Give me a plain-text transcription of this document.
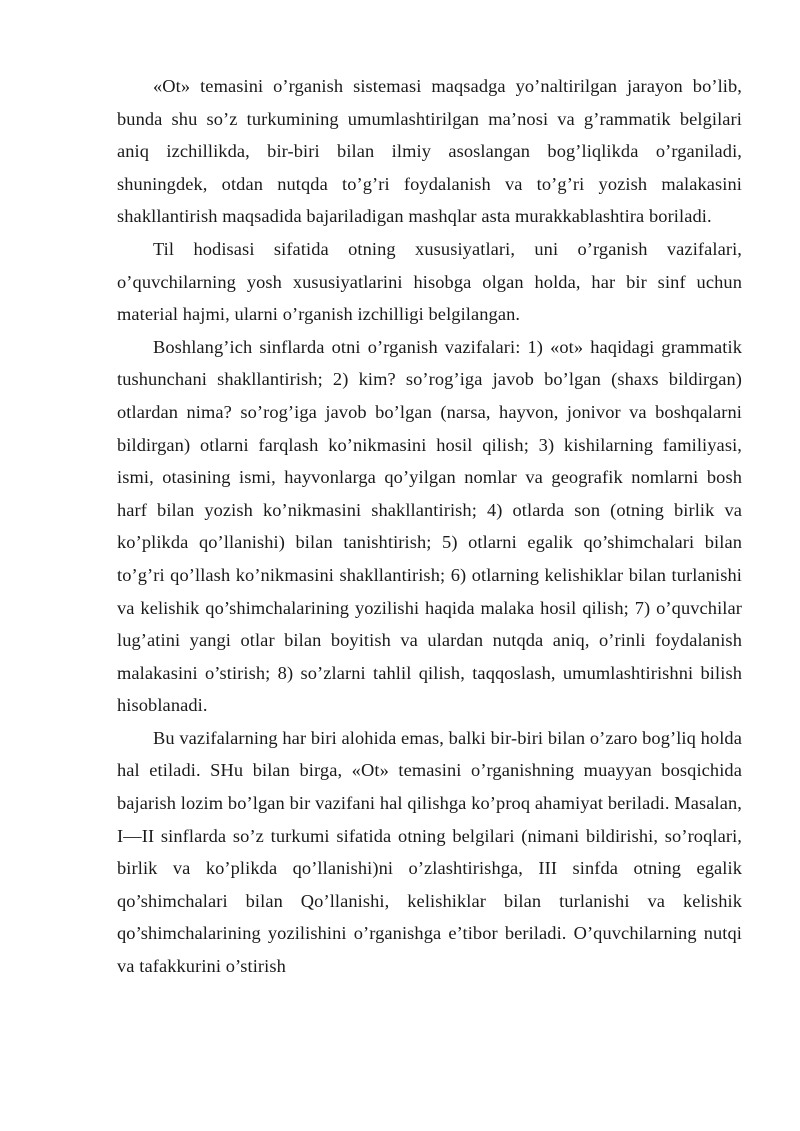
«Ot» temasini o’rganish sistemasi maqsadga yo’naltirilgan jarayon bo’lib, bunda shu so’z turkumining umumlashtirilgan ma’nosi va g’rammatik belgilari aniq izchillikda, bir-biri bilan ilmiy asoslangan bog’liqlikda o’rganiladi, shuningdek, otdan nutqda to’g’ri foydalanish va to’g’ri yozish malakasini shakllantirish maqsadida bajariladigan mashqlar asta murakkablashtira boriladi.

Til hodisasi sifatida otning xususiyatlari, uni o’rganish vazifalari, o’quvchilarning yosh xususiyatlarini hisobga olgan holda, har bir sinf uchun material hajmi, ularni o’rganish izchilligi belgilangan.

Boshlang’ich sinflarda otni o’rganish vazifalari: 1) «ot» haqidagi grammatik tushunchani shakllantirish; 2) kim? so’rog’iga javob bo’lgan (shaxs bildirgan) otlardan nima? so’rog’iga javob bo’lgan (narsa, hayvon, jonivor va boshqalarni bildirgan) otlarni farqlash ko’nikmasini hosil qilish; 3) kishilarning familiyasi, ismi, otasining ismi, hayvonlarga qo’yilgan nomlar va geografik nomlarni bosh harf bilan yozish ko’nikmasini shakllantirish; 4) otlarda son (otning birlik va ko’plikda qo’llanishi) bilan tanishtirish; 5) otlarni egalik qo’shimchalari bilan to’g’ri qo’llash ko’nikmasini shakllantirish; 6) otlarning kelishiklar bilan turlanishi va kelishik qo’shimchalarining yozilishi haqida malaka hosil qilish; 7) o’quvchilar lug’atini yangi otlar bilan boyitish va ulardan nutqda aniq, o’rinli foydalanish malakasini o’stirish; 8) so’zlarni tahlil qilish, taqqoslash, umumlashtirishni bilish hisoblanadi.

Bu vazifalarning har biri alohida emas, balki bir-biri bilan o’zaro bog’liq holda hal etiladi. SHu bilan birga, «Ot» temasini o’rganishning muayyan bosqichida bajarish lozim bo’lgan bir vazifani hal qilishga ko’proq ahamiyat beriladi. Masalan, I—II sinflarda so’z turkumi sifatida otning belgilari (nimani bildirishi, so’roqlari, birlik va ko’plikda qo’llanishi)ni o’zlashtirishga, III sinfda otning egalik qo’shimchalari bilan Qo’llanishi, kelishiklar bilan turlanishi va kelishik qo’shimchalarining yozilishini o’rganishga e’tibor beriladi. O’quvchilarning nutqi va tafakkurini o’stirish
